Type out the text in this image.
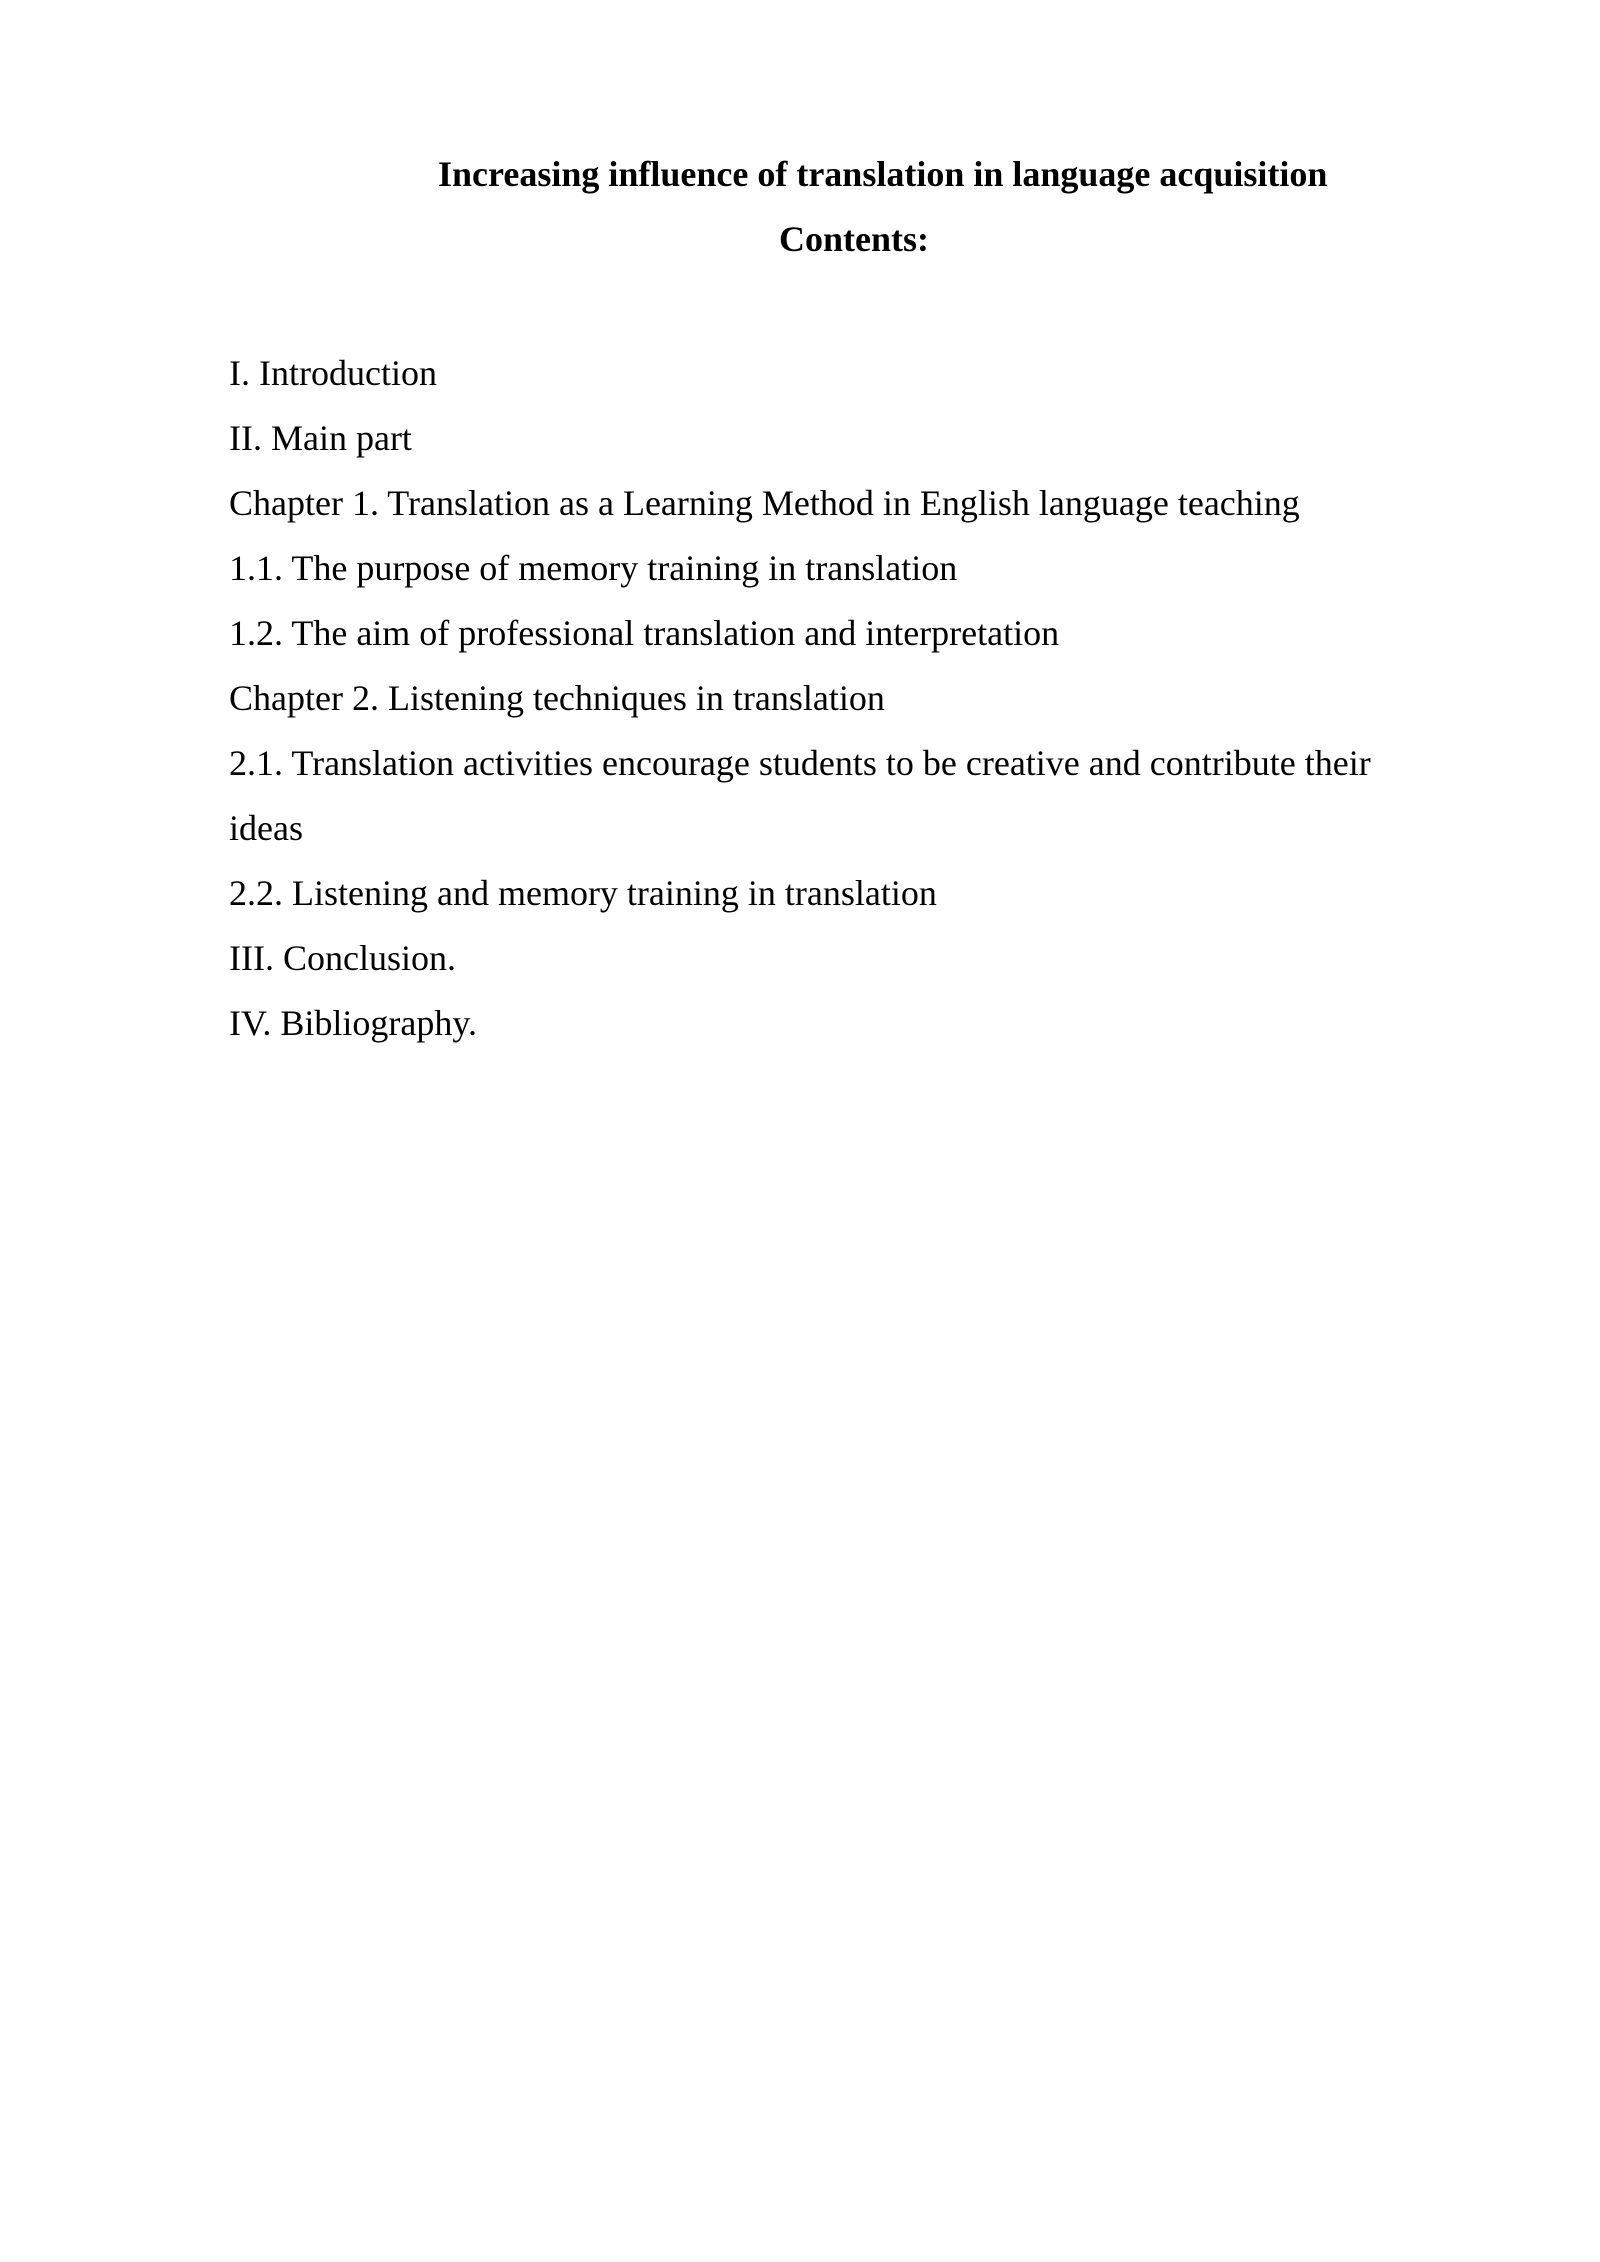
Increasing influence of translation in language acquisition
Contents:
I. Introduction
II. Main part
Chapter 1. Translation as a Learning Method in English language teaching
1.1. The purpose of memory training in translation
1.2. The aim of professional translation and interpretation
Chapter 2. Listening techniques in translation
2.1. Translation activities encourage students to be creative and contribute their ideas
2.2. Listening and memory training in translation
III. Conclusion.
IV. Bibliography.
